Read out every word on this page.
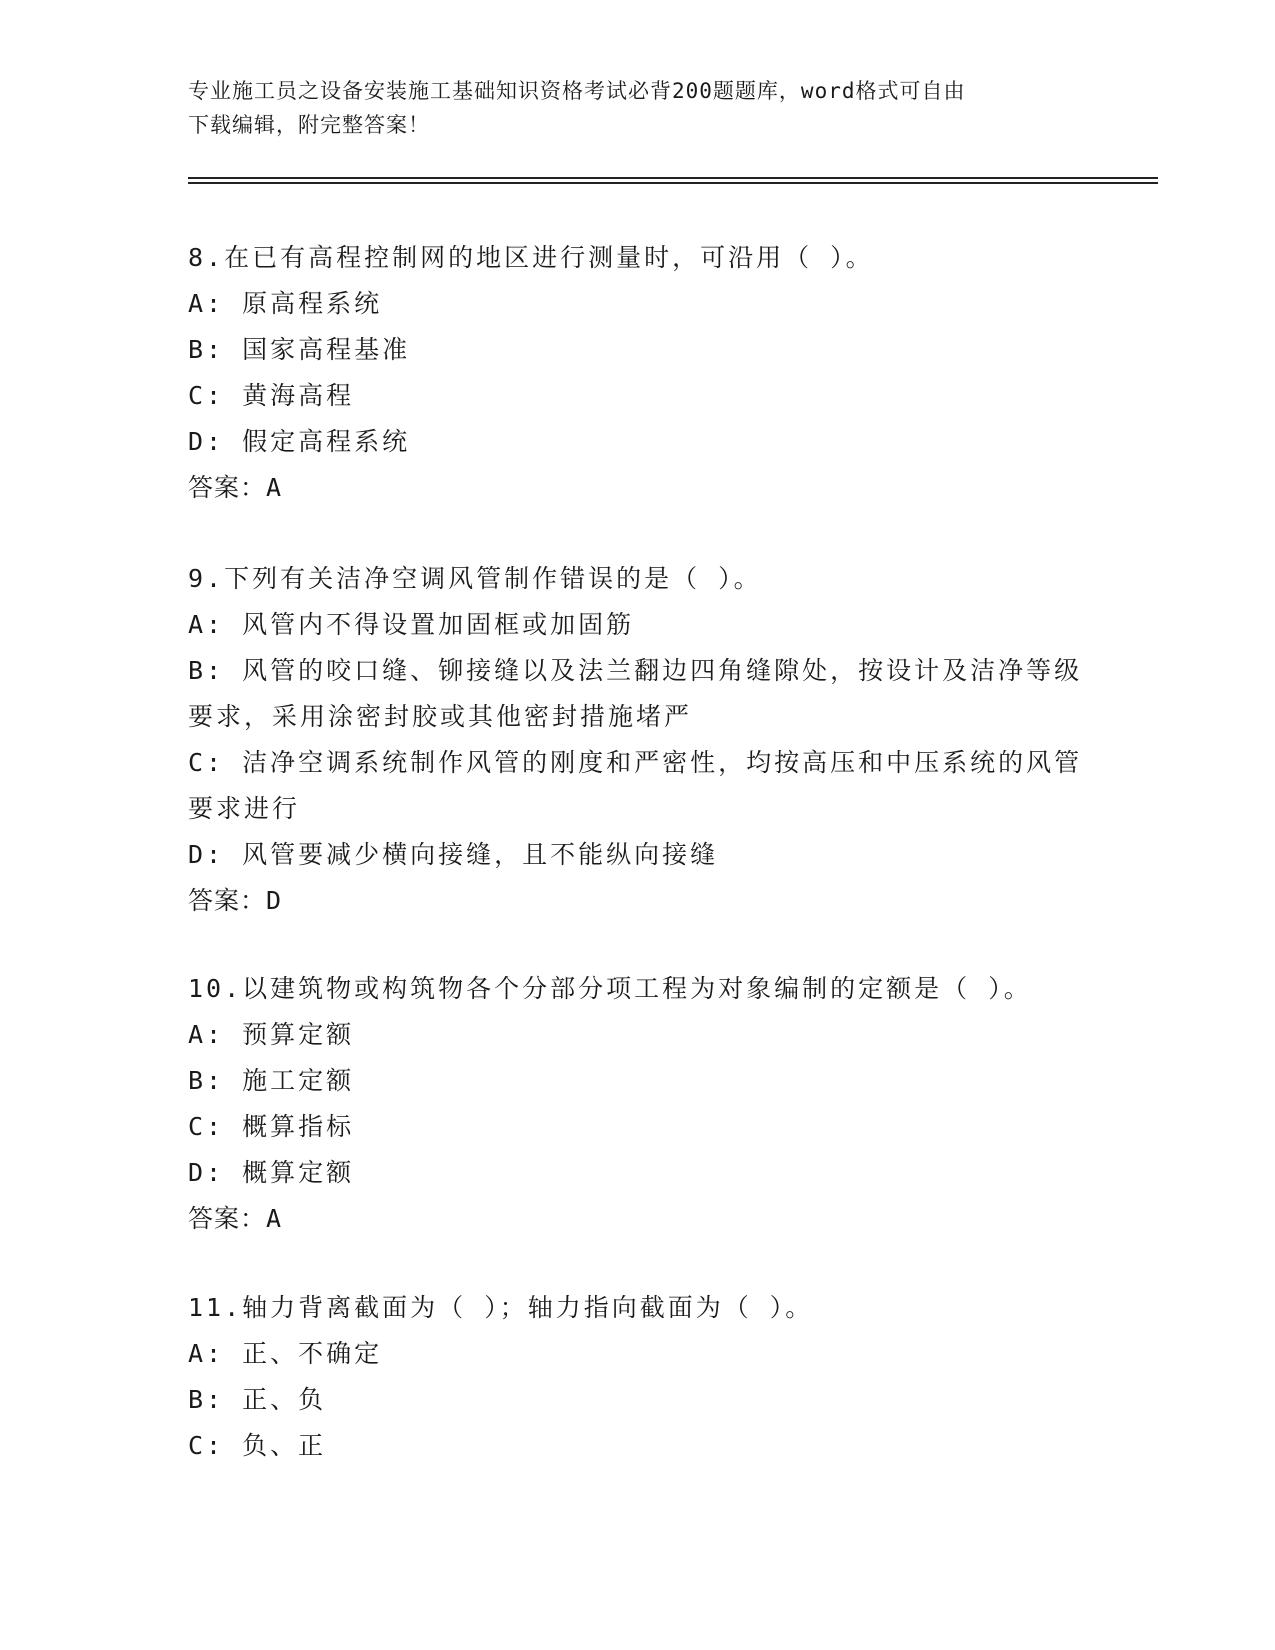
专业施工员之设备安装施工基础知识资格考试必背200题题库，word格式可自由
下载编辑，附完整答案！
8.在已有高程控制网的地区进行测量时，可沿用（ ）。
A: 原高程系统
B: 国家高程基准
C: 黄海高程
D: 假定高程系统
答案：A
9.下列有关洁净空调风管制作错误的是（ ）。
A: 风管内不得设置加固框或加固筋
B: 风管的咬口缝、铆接缝以及法兰翻边四角缝隙处，按设计及洁净等级要求，采用涂密封胶或其他密封措施堵严
C: 洁净空调系统制作风管的刚度和严密性，均按高压和中压系统的风管要求进行
D: 风管要减少横向接缝，且不能纵向接缝
答案：D
10.以建筑物或构筑物各个分部分项工程为对象编制的定额是（ ）。
A: 预算定额
B: 施工定额
C: 概算指标
D: 概算定额
答案：A
11.轴力背离截面为（ ）；轴力指向截面为（ ）。
A: 正、不确定
B: 正、负
C: 负、正
